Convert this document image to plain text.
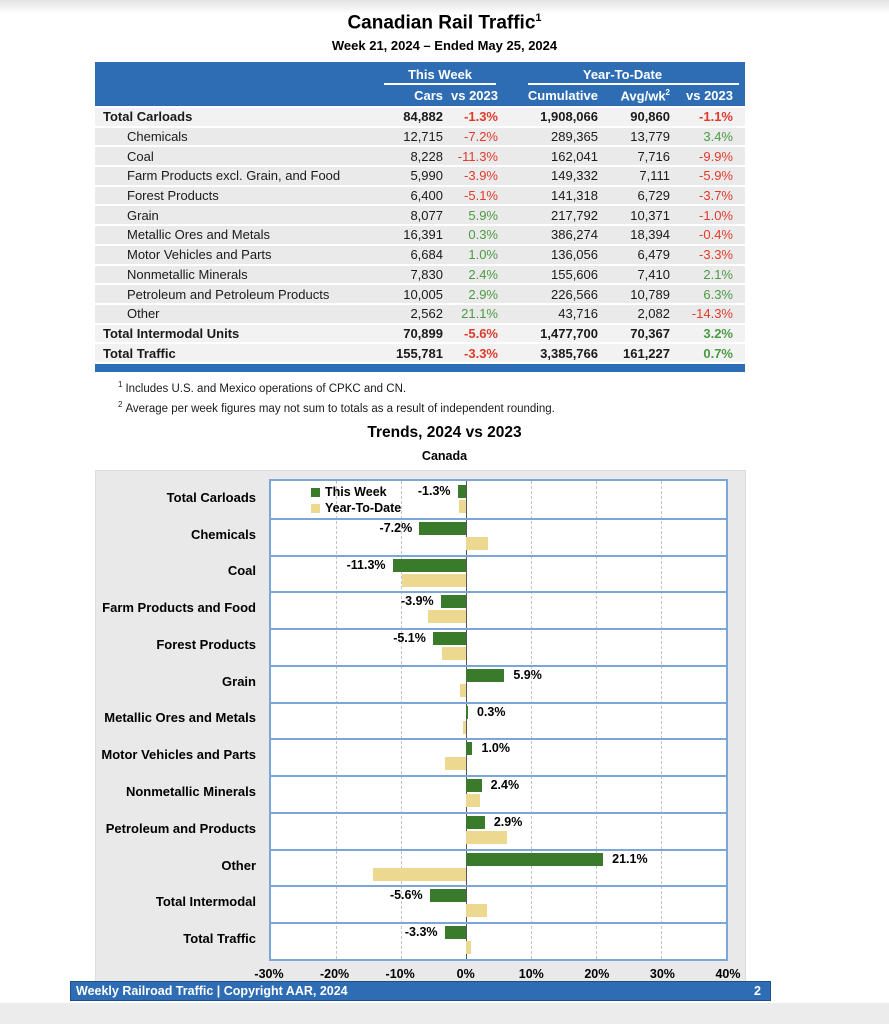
Canadian Rail Traffic$^1$
Week 21, 2024 – Ended May 25, 2024
This Week	Year-To-Date
Cars vs 2023	Cumulative	Avg/$wk^2$	vs 2023
Total Carloads	84,882	-1.3%	1,908,066	90,860	-1.1%
Chemicals	12,715	-7.2%	289,365	13,779	3.4%
Coal	8,228	-11.3%	162,041	7,716	-9.9%
Farm Products excl. Grain, and Food	5,990	-3.9%	149,332	7,111	-5.9%
Forest Products	6,400	-5.1%	141,318	6,729	-3.7%
Grain	8,077	5.9%	217,792	10,371	-1.0%
Metallic Ores and Metals	16,391	0.3%	386,274	18,394	-0.4%
Motor Vehicles and Parts	6,684	1.0%	136,056	6,479	-3.3%
Nonmetallic Minerals	7,830	2.4%	155,606	7,410	2.1%
Petroleum and Petroleum Products	10,005	2.9%	226,566	10,789	6.3%
Other	2,562	21.1%	43,716	2,082	-14.3%
Total Intermodal Units	70,899	-5.6%	1,477,700	70,367	3.2%
Total Traffic	155,781	-3.3%	3,385,766	161,227	0.7%
$^1$ Includes U.S. and Mexico operations of CPKC and CN.
$^2$ Average per week figures may not sum to totals as a result of independent rounding.
Trends, 2024 vs 2023
Canada
Total Carloads
Chemicals
Coal
Farm Products and Food
Forest Products
Grain
Metallic Ores and Metals
Motor Vehicles and Parts
Nonmetallic Minerals
Petroleum and Products
Other
Total Intermodal
Total Traffic
-1.3%
-7.2%
-11.3%
-3.9%
-5.1%
5.9%
0.3%
1.0%
2.4%
2.9%
21.1%
-5.6%
-3.3%
This Week
Year-To-Date
-30%	-20%	-10%	0%	10%	20%	30%	40%
Weekly Railroad Traffic | Copyright AAR, 2024	2
